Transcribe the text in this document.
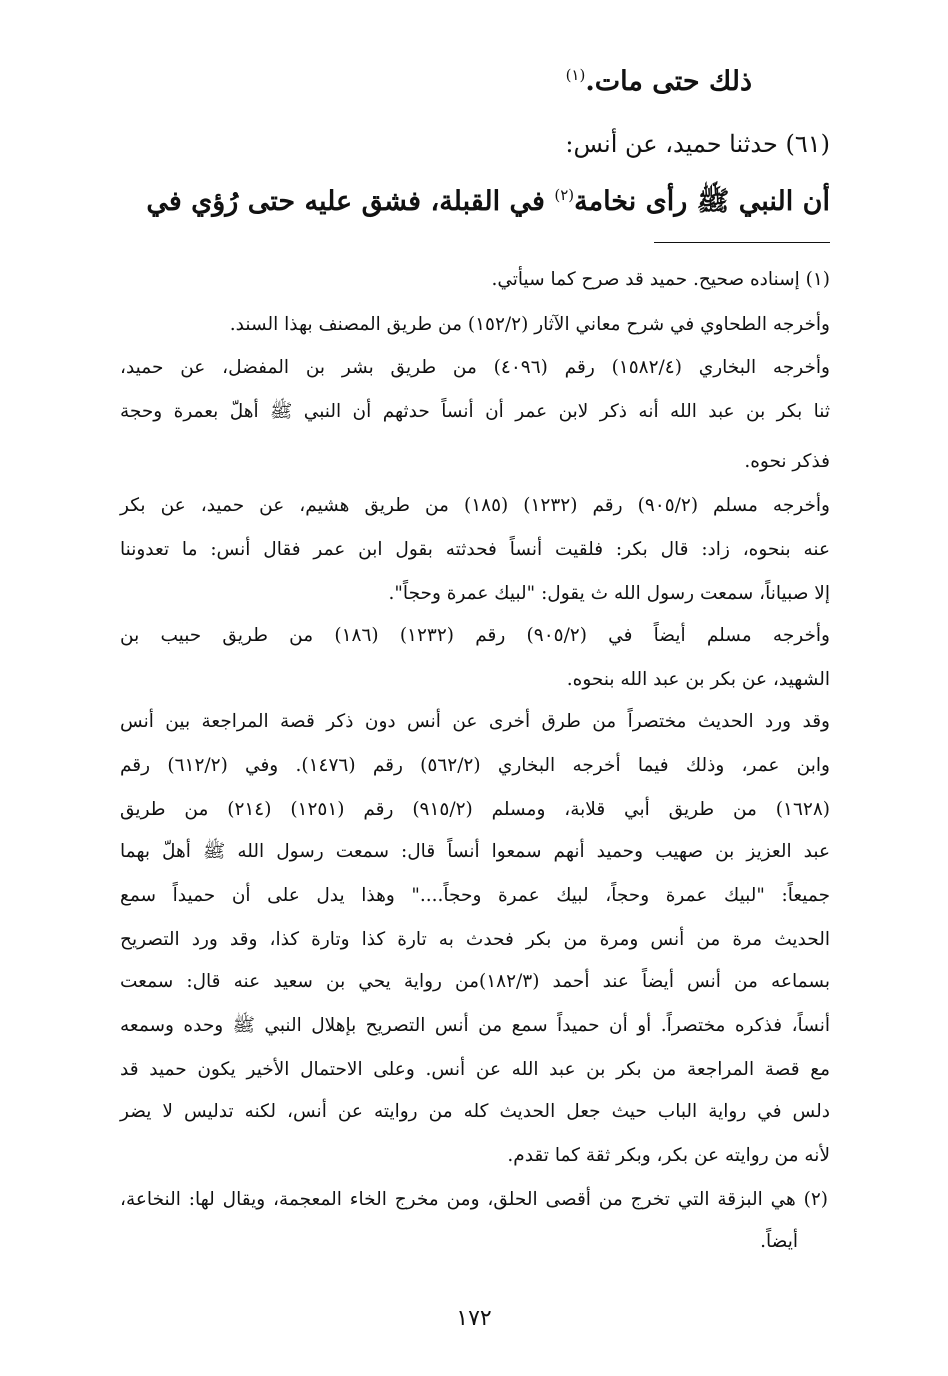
ذلك حتى مات.$^{(١)}$
(٦١) حدثنا حميد، عن أنس:
أن النبي ﷺ رأى نخامة$^{(٢)}$ في القبلة، فشق عليه حتى رُؤي في
(١) إسناده صحيح. حميد قد صرح كما سيأتي.
وأخرجه الطحاوي في شرح معاني الآثار (١٥٢/٢) من طريق المصنف بهذا السند.
وأخرجه البخاري (١٥٨٢/٤) رقم (٤٠٩٦) من طريق بشر بن المفضل، عن حميد،
ثنا بكر بن عبد الله أنه ذكر لابن عمر أن أنساً حدثهم أن النبي ﷺ أهلّ بعمرة وحجة
فذكر نحوه.
وأخرجه مسلم (٩٠٥/٢) رقم (١٢٣٢) (١٨٥) من طريق هشيم، عن حميد، عن بكر
عنه بنحوه، زاد: قال بكر: فلقيت أنساً فحدثته بقول ابن عمر فقال أنس: ما تعدوننا
إلا صبياناً، سمعت رسول الله ث يقول: "لبيك عمرة وحجاً".
وأخرجه مسلم أيضاً في (٩٠٥/٢) رقم (١٢٣٢) (١٨٦) من طريق حبيب بن
الشهيد، عن بكر بن عبد الله بنحوه.
وقد ورد الحديث مختصراً من طرق أخرى عن أنس دون ذكر قصة المراجعة بين أنس
وابن عمر، وذلك فيما أخرجه البخاري (٥٦٢/٢) رقم (١٤٧٦). وفي (٦١٢/٢) رقم
(١٦٢٨) من طريق أبي قلابة، ومسلم (٩١٥/٢) رقم (١٢٥١) (٢١٤) من طريق
عبد العزيز بن صهيب وحميد أنهم سمعوا أنساً قال: سمعت رسول الله ﷺ أهلّ بهما
جميعاً: "لبيك عمرة وحجاً، لبيك عمرة وحجاً...." وهذا يدل على أن حميداً سمع
الحديث مرة من أنس ومرة من بكر فحدث به تارة كذا وتارة كذا، وقد ورد التصريح
بسماعه من أنس أيضاً عند أحمد (١٨٢/٣)من رواية يحي بن سعيد عنه قال: سمعت
أنساً، فذكره مختصراً. أو أن حميداً سمع من أنس التصريح بإهلال النبي ﷺ وحده وسمعه
مع قصة المراجعة من بكر بن عبد الله عن أنس. وعلى الاحتمال الأخير يكون حميد قد
دلس في رواية الباب حيث جعل الحديث كله من روايته عن أنس، لكنه تدليس لا يضر
لأنه من روايته عن بكر، وبكر ثقة كما تقدم.
(٢) هي البزقة التي تخرج من أقصى الحلق، ومن مخرج الخاء المعجمة، ويقال لها: النخاعة،
أيضاً.
١٧٢
